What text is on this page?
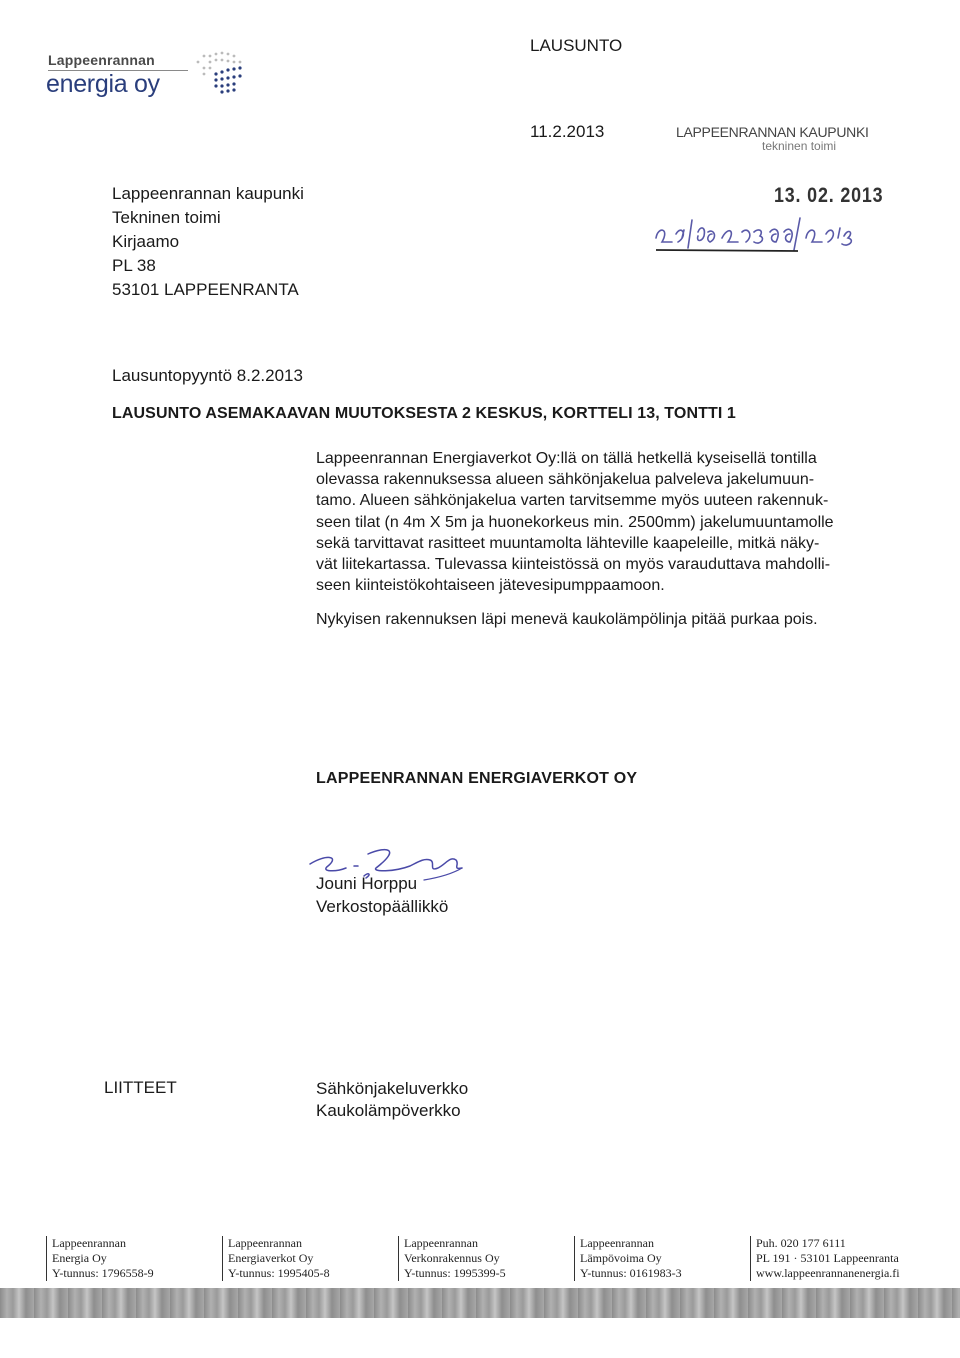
Lappeenrannan
energia oy
LAUSUNTO
11.2.2013	LAPPEENRANNAN KAUPUNKI
tekninen toimi
13. 02. 2013
Lappeenrannan kaupunki
Tekninen toimi
Kirjaamo
PL 38
53101 LAPPEENRANTA
Lausuntopyyntö 8.2.2013
LAUSUNTO ASEMAKAAVAN MUUTOKSESTA 2 KESKUS, KORTTELI 13, TONTTI 1
Lappeenrannan Energiaverkot Oy:llä on tällä hetkellä kyseisellä tontilla
olevassa rakennuksessa alueen sähkönjakelua palveleva jakelumuun-
tamo. Alueen sähkönjakelua varten tarvitsemme myös uuteen rakennuk-
seen tilat (n 4m X 5m ja huonekorkeus min. 2500mm) jakelumuuntamolle
sekä tarvittavat rasitteet muuntamolta lähteville kaapeleille, mitkä näky-
vät liitekartassa. Tulevassa kiinteistössä on myös varauduttava mahdolli-
seen kiinteistökohtaiseen jätevesipumppaamoon.
Nykyisen rakennuksen läpi menevä kaukolämpölinja pitää purkaa pois.
LAPPEENRANNAN ENERGIAVERKOT OY
Jouni Horppu
Verkostopäällikkö
LIITTEET	Sähkönjakeluverkko
Kaukolämpöverkko
Lappeenrannan
Energia Oy
Y-tunnus: 1796558-9
Lappeenrannan
Energiaverkot Oy
Y-tunnus: 1995405-8
Lappeenrannan
Verkonrakennus Oy
Y-tunnus: 1995399-5
Lappeenrannan
Lämpövoima Oy
Y-tunnus: 0161983-3
Puh. 020 177 6111
PL 191 · 53101 Lappeenranta
www.lappeenrannanenergia.fi
